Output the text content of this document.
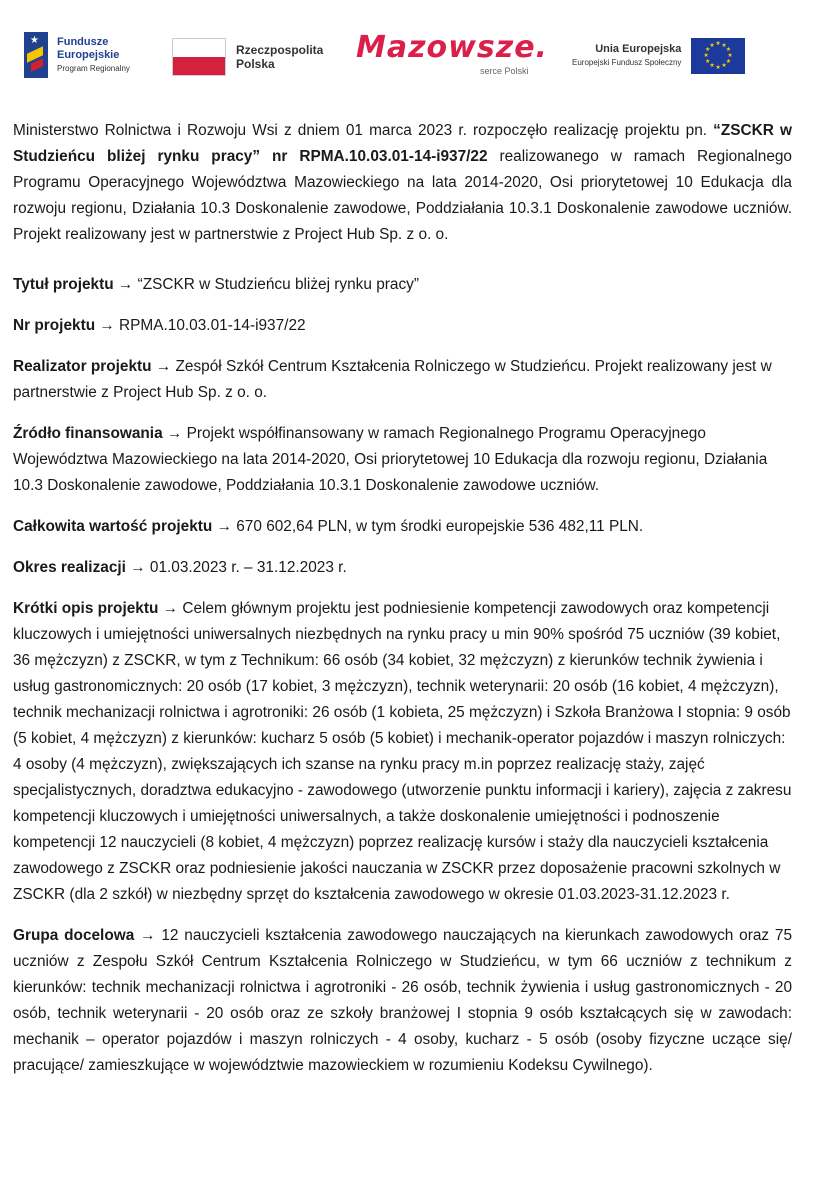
★ Fundusze
Europejskie
Program Regionalny
Rzeczpospolita
Polska	Mazowsze.
serce Polski
Unia Europejska
Europejski Fundusz Społeczny
★ ★
★
★
★
★
★
★
★
★
★
★

Ministerstwo Rolnictwa i Rozwoju Wsi z dniem 01 marca 2023 r. rozpoczęło realizację projektu pn. “ZSCKR w Studzieńcu bliżej rynku pracy” nr RPMA.10.03.01-14-i937/22 realizowanego w ramach Regionalnego Programu Operacyjnego Województwa Mazowieckiego na lata 2014-2020, Osi priorytetowej 10 Edukacja dla rozwoju regionu, Działania 10.3 Doskonalenie zawodowe, Poddziałania 10.3.1 Doskonalenie zawodowe uczniów. Projekt realizowany jest w partnerstwie z Project Hub Sp. z o. o.

Tytuł projektu → “ZSCKR w Studzieńcu bliżej rynku pracy”

Nr projektu → RPMA.10.03.01-14-i937/22

Realizator projektu → Zespół Szkół Centrum Kształcenia Rolniczego w Studzieńcu. Projekt realizowany jest w partnerstwie z Project Hub Sp. z o. o.

Źródło finansowania → Projekt współfinansowany w ramach Regionalnego Programu Operacyjnego Województwa Mazowieckiego na lata 2014-2020, Osi priorytetowej 10 Edukacja dla rozwoju regionu, Działania 10.3 Doskonalenie zawodowe, Poddziałania 10.3.1 Doskonalenie zawodowe uczniów.

Całkowita wartość projektu → 670 602,64 PLN, w tym środki europejskie 536 482,11 PLN.

Okres realizacji → 01.03.2023 r. – 31.12.2023 r.

Krótki opis projektu → Celem głównym projektu jest podniesienie kompetencji zawodowych oraz kompetencji kluczowych i umiejętności uniwersalnych niezbędnych na rynku pracy u min 90% spośród 75 uczniów (39 kobiet, 36 mężczyzn) z ZSCKR, w tym z Technikum: 66 osób (34 kobiet, 32 mężczyzn) z kierunków technik żywienia i usług gastronomicznych: 20 osób (17 kobiet, 3 mężczyzn), technik weterynarii: 20 osób (16 kobiet, 4 mężczyzn), technik mechanizacji rolnictwa i agrotroniki: 26 osób (1 kobieta, 25 mężczyzn) i Szkoła Branżowa I stopnia: 9 osób (5 kobiet, 4 mężczyzn) z kierunków: kucharz 5 osób (5 kobiet) i mechanik-operator pojazdów i maszyn rolniczych: 4 osoby (4 mężczyzn), zwiększających ich szanse na rynku pracy m.in poprzez realizację staży, zajęć specjalistycznych, doradztwa edukacyjno - zawodowego (utworzenie punktu informacji i kariery), zajęcia z zakresu kompetencji kluczowych i umiejętności uniwersalnych, a także doskonalenie umiejętności i podnoszenie kompetencji 12 nauczycieli (8 kobiet, 4 mężczyzn) poprzez realizację kursów i staży dla nauczycieli kształcenia zawodowego z ZSCKR oraz podniesienie jakości nauczania w ZSCKR przez doposażenie pracowni szkolnych w ZSCKR (dla 2 szkół) w niezbędny sprzęt do kształcenia zawodowego w okresie 01.03.2023-31.12.2023 r.

Grupa docelowa → 12 nauczycieli kształcenia zawodowego nauczających na kierunkach zawodowych oraz 75 uczniów z Zespołu Szkół Centrum Kształcenia Rolniczego w Studzieńcu, w tym 66 uczniów z technikum z kierunków: technik mechanizacji rolnictwa i agrotroniki - 26 osób, technik żywienia i usług gastronomicznych - 20 osób, technik weterynarii - 20 osób oraz ze szkoły branżowej I stopnia 9 osób kształcących się w zawodach: mechanik – operator pojazdów i maszyn rolniczych - 4 osoby, kucharz - 5 osób (osoby fizyczne uczące się/ pracujące/ zamieszkujące w województwie mazowieckiem w rozumieniu Kodeksu Cywilnego).
